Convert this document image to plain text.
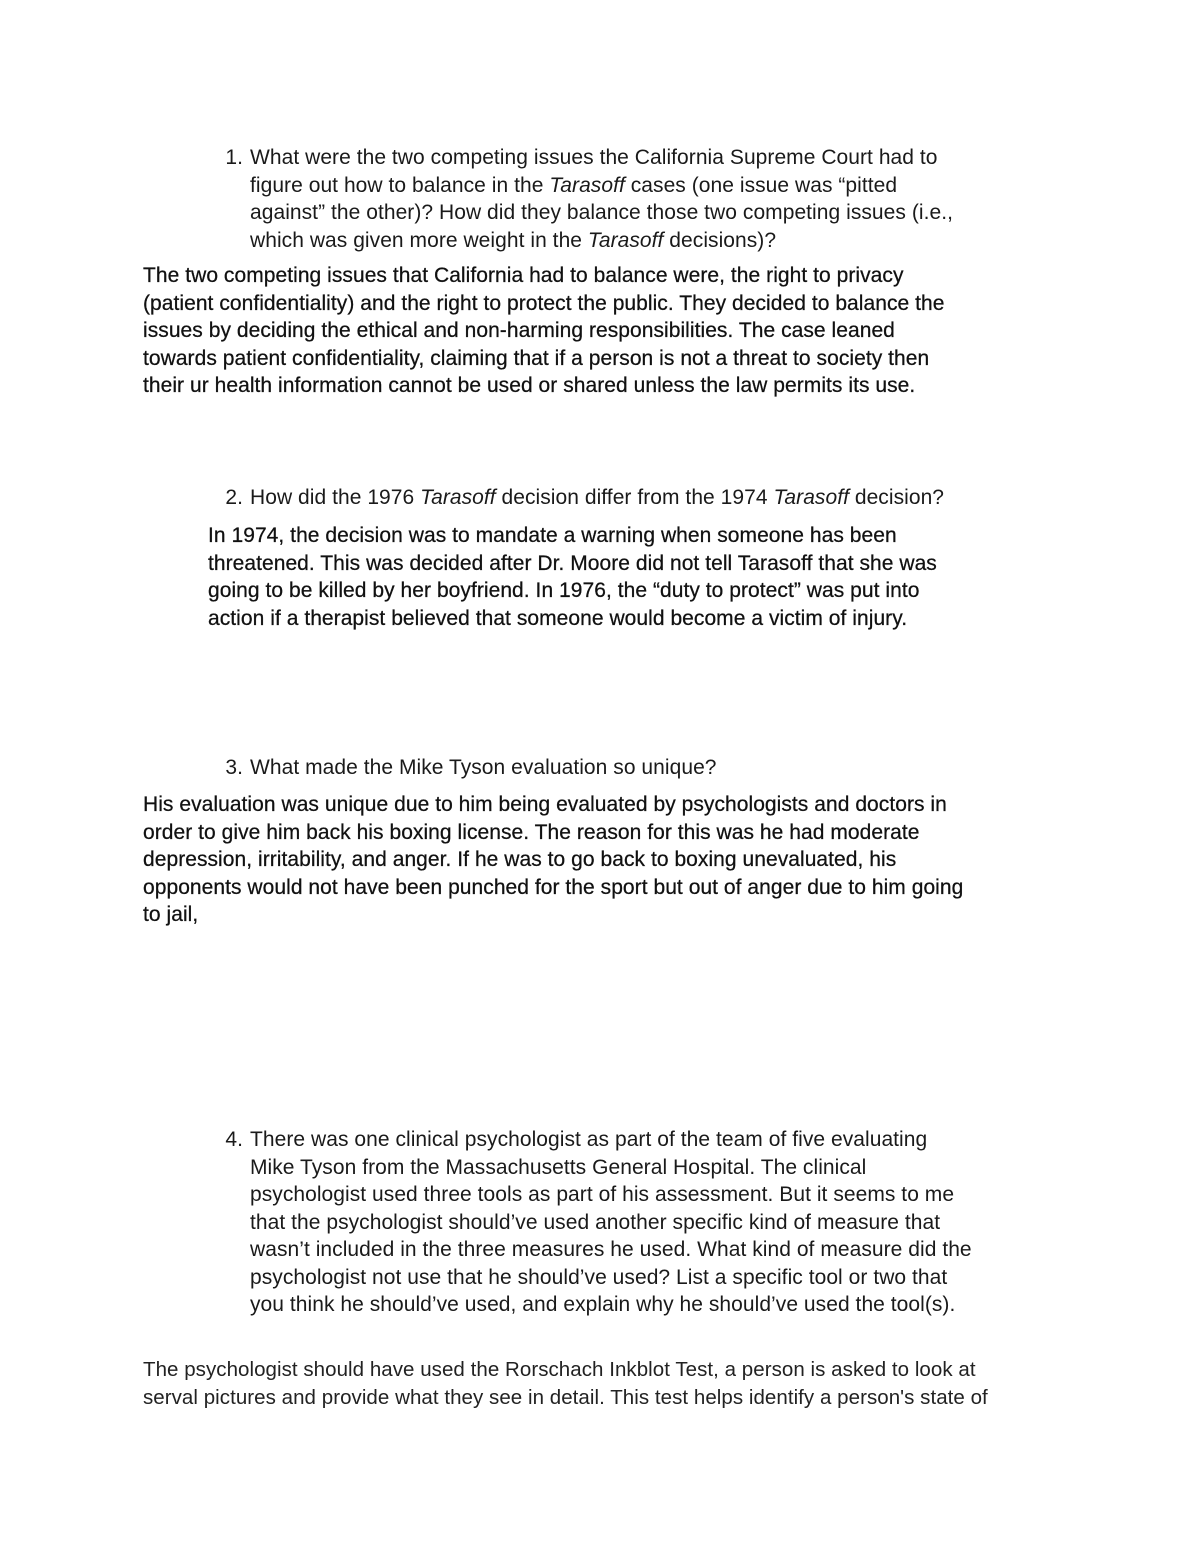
1. What were the two competing issues the California Supreme Court had to
figure out how to balance in the Tarasoff cases (one issue was “pitted
against” the other)? How did they balance those two competing issues (i.e.,
which was given more weight in the Tarasoff decisions)?
The two competing issues that California had to balance were, the right to privacy
(patient confidentiality) and the right to protect the public. They decided to balance the
issues by deciding the ethical and non-harming responsibilities. The case leaned
towards patient confidentiality, claiming that if a person is not a threat to society then
their ur health information cannot be used or shared unless the law permits its use.
2. How did the 1976 Tarasoff decision differ from the 1974 Tarasoff decision?
In 1974, the decision was to mandate a warning when someone has been
threatened. This was decided after Dr. Moore did not tell Tarasoff that she was
going to be killed by her boyfriend. In 1976, the “duty to protect” was put into
action if a therapist believed that someone would become a victim of injury.
3. What made the Mike Tyson evaluation so unique?
His evaluation was unique due to him being evaluated by psychologists and doctors in
order to give him back his boxing license. The reason for this was he had moderate
depression, irritability, and anger. If he was to go back to boxing unevaluated, his
opponents would not have been punched for the sport but out of anger due to him going
to jail,
4. There was one clinical psychologist as part of the team of five evaluating
Mike Tyson from the Massachusetts General Hospital. The clinical
psychologist used three tools as part of his assessment. But it seems to me
that the psychologist should’ve used another specific kind of measure that
wasn’t included in the three measures he used. What kind of measure did the
psychologist not use that he should’ve used? List a specific tool or two that
you think he should’ve used, and explain why he should’ve used the tool(s).
The psychologist should have used the Rorschach Inkblot Test, a person is asked to look at
serval pictures and provide what they see in detail. This test helps identify a person's state of
